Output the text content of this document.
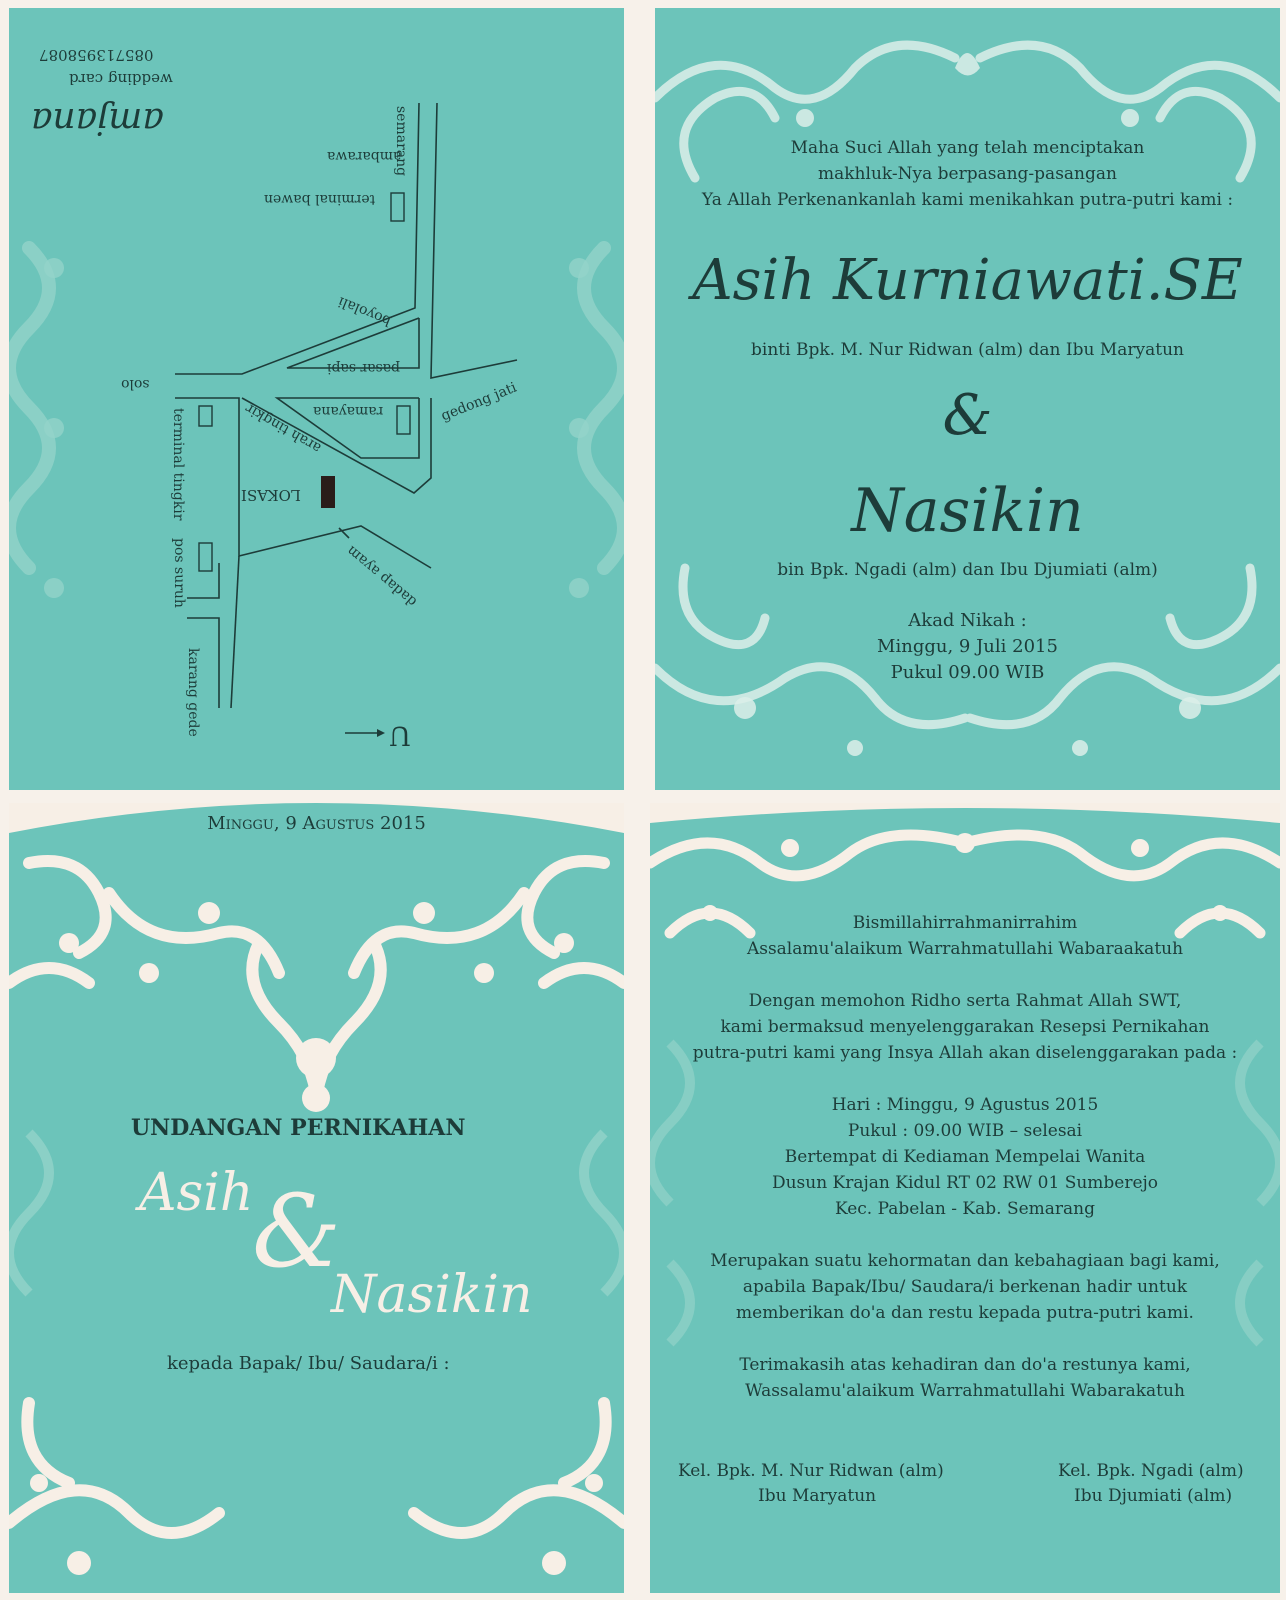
amjana
wedding card
085713958087
semarang
ambarawa
terminal bawen
boyolali
pasar sapi
ramayana	gedong jati
solo
terminal tingkir	arah tingkir
LOKASI
pos suruh	dadap ayam
karang gede	U
Maha Suci Allah yang telah menciptakan
makhluk-Nya berpasang-pasangan
Ya Allah Perkenankanlah kami menikahkan putra-putri kami :
Asih Kurniawati.SE
binti Bpk. M. Nur Ridwan (alm) dan Ibu Maryatun
&
Nasikin
bin Bpk. Ngadi (alm) dan Ibu Djumiati (alm)
Akad Nikah :
Minggu, 9 Juli 2015
Pukul 09.00 WIB
Minggu, 9 Agustus 2015
UNDANGAN PERNIKAHAN
Asih
&
Nasikin
kepada Bapak/ Ibu/ Saudara/i :
Bismillahirrahmanirrahim
Assalamu'alaikum Warrahmatullahi Wabaraakatuh
Dengan memohon Ridho serta Rahmat Allah SWT,
kami bermaksud menyelenggarakan Resepsi Pernikahan
putra-putri kami yang Insya Allah akan diselenggarakan pada :
Hari : Minggu, 9 Agustus 2015
Pukul : 09.00 WIB – selesai
Bertempat di Kediaman Mempelai Wanita
Dusun Krajan Kidul RT 02 RW 01 Sumberejo
Kec. Pabelan - Kab. Semarang
Merupakan suatu kehormatan dan kebahagiaan bagi kami,
apabila Bapak/Ibu/ Saudara/i berkenan hadir untuk
memberikan do'a dan restu kepada putra-putri kami.
Terimakasih atas kehadiran dan do'a restunya kami,
Wassalamu'alaikum Warrahmatullahi Wabarakatuh
Kel. Bpk. M. Nur Ridwan (alm)
Ibu Maryatun
Kel. Bpk. Ngadi (alm)
Ibu Djumiati (alm)
